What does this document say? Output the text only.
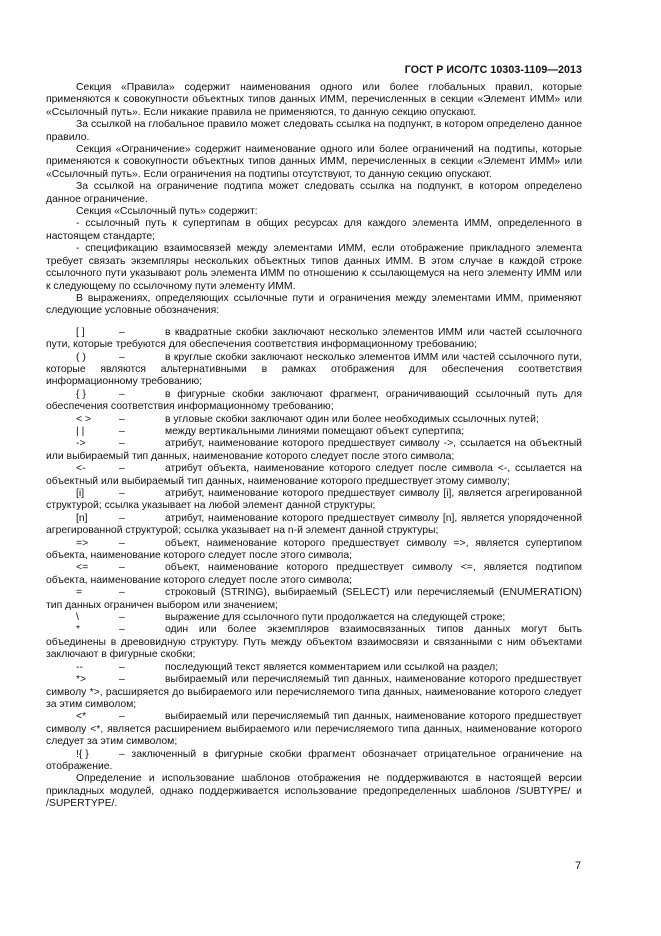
ГОСТ Р ИСО/ТС 10303-1109—2013

Секция «Правила» содержит наименования одного или более глобальных правил, которые применяются к совокупности объектных типов данных ИММ, перечисленных в секции «Элемент ИММ» или «Ссылочный путь». Если никакие правила не применяются, то данную секцию опускают.

За ссылкой на глобальное правило может следовать ссылка на подпункт, в котором определено данное правило.

Секция «Ограничение» содержит наименование одного или более ограничений на подтипы, которые применяются к совокупности объектных типов данных ИММ, перечисленных в секции «Элемент ИММ» или «Ссылочный путь». Если ограничения на подтипы отсутствуют, то данную секцию опускают.

За ссылкой на ограничение подтипа может следовать ссылка на подпункт, в котором определено данное ограничение.

Секция «Ссылочный путь» содержит:

- ссылочный путь к супертипам в общих ресурсах для каждого элемента ИММ, определенного в настоящем стандарте;

- спецификацию взаимосвязей между элементами ИММ, если отображение прикладного элемента требует связать экземпляры нескольких объектных типов данных ИММ. В этом случае в каждой строке ссылочного пути указывают роль элемента ИММ по отношению к ссылающемуся на него элементу ИММ или к следующему по ссылочному пути элементу ИММ.

В выражениях, определяющих ссылочные пути и ограничения между элементами ИММ, применяют следующие условные обозначения:

[ ]	–	в квадратные скобки заключают несколько элементов ИММ или частей ссылочного пути, которые требуются для обеспечения соответствия информационному требованию;

( )	–	в круглые скобки заключают несколько элементов ИММ или частей ссылочного пути, которые являются альтернативными в рамках отображения для обеспечения соответствия информационному требованию;

{ }	–	в фигурные скобки заключают фрагмент, ограничивающий ссылочный путь для обеспечения соответствия информационному требованию;

< >	–	в угловые скобки заключают один или более необходимых ссылочных путей;

| |	–	между вертикальными линиями помещают объект супертипа;

->	–	атрибут, наименование которого предшествует символу ->, ссылается на объектный или выбираемый тип данных, наименование которого следует после этого символа;

<-	–	атрибут объекта, наименование которого следует после символа <-, ссылается на объектный или выбираемый тип данных, наименование которого предшествует этому символу;

[i]	–	атрибут, наименование которого предшествует символу [i], является агрегированной структурой; ссылка указывает на любой элемент данной структуры;

[n]	–	атрибут, наименование которого предшествует символу [n], является упорядоченной агрегированной структурой; ссылка указывает на n-й элемент данной структуры;

=>	–	объект, наименование которого предшествует символу =>, является супертипом объекта, наименование которого следует после этого символа;

<=	–	объект, наименование которого предшествует символу <=, является подтипом объекта, наименование которого следует после этого символа;

=	–	строковый (STRING), выбираемый (SELECT) или перечисляемый (ENUMERATION) тип данных ограничен выбором или значением;

\	–	выражение для ссылочного пути продолжается на следующей строке;

*	–	один или более экземпляров взаимосвязанных типов данных могут быть объединены в древовидную структуру. Путь между объектом взаимосвязи и связанными с ним объектами заключают в фигурные скобки;

--	–	последующий текст является комментарием или ссылкой на раздел;

*>	–	выбираемый или перечисляемый тип данных, наименование которого предшествует символу *>, расширяется до выбираемого или перечисляемого типа данных, наименование которого следует за этим символом;

<*	–	выбираемый или перечисляемый тип данных, наименование которого предшествует символу <*, является расширением выбираемого или перечисляемого типа данных, наименование которого следует за этим символом;

!{ }	– заключенный в фигурные скобки фрагмент обозначает отрицательное ограничение на отображение.

Определение и использование шаблонов отображения не поддерживаются в настоящей версии прикладных модулей, однако поддерживается использование предопределенных шаблонов /SUBTYPE/ и /SUPERTYPE/.

7
